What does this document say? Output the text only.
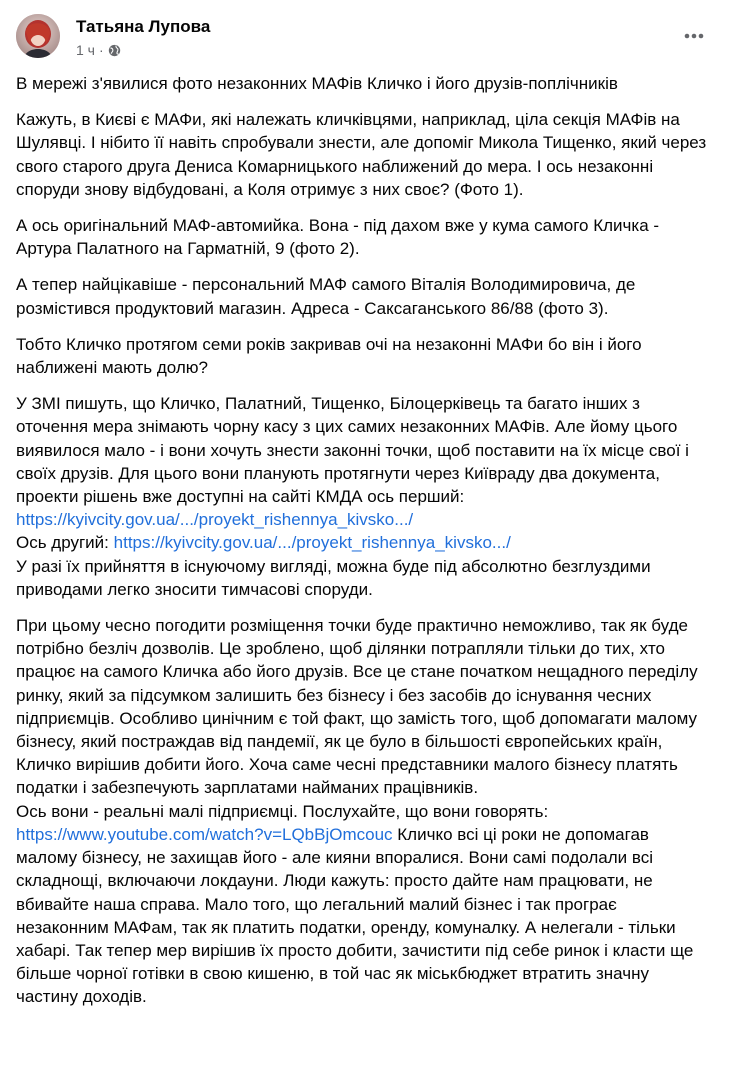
Татьяна Лупова
1 ч ·

В мережі з'явилися фото незаконних МАФів Кличко і його друзів-поплічників

Кажуть, в Києві є МАФи, які належать кличківцями, наприклад, ціла секція МАФів на Шулявці. І нібито її навіть спробували знести, але допоміг Микола Тищенко, який через свого старого друга Дениса Комарницького наближений до мера. І ось незаконні споруди знову відбудовані, а Коля отримує з них своє? (Фото 1).

А ось оригінальний МАФ-автомийка. Вона - під дахом вже у кума самого Кличка - Артура Палатного на Гарматній, 9 (фото 2).

А тепер найцікавіше - персональний МАФ самого Віталія Володимировича, де розмістився продуктовий магазин. Адреса - Саксаганського 86/88 (фото 3).

Тобто Кличко протягом семи років закривав очі на незаконні МАФи бо він і його наближені мають долю?

У ЗМІ пишуть, що Кличко, Палатний, Тищенко, Білоцерківець та багато інших з оточення мера знімають чорну касу з цих самих незаконних МАФів. Але йому цього виявилося мало - і вони хочуть знести законні точки, щоб поставити на їх місце свої і своїх друзів. Для цього вони планують протягнути через Київраду два документа, проекти рішень вже доступні на сайті КМДА ось перший: https://kyivcity.gov.ua/.../proyekt_rishennya_kivsko.../
Ось другий: https://kyivcity.gov.ua/.../proyekt_rishennya_kivsko.../
У разі їх прийняття в існуючому вигляді, можна буде під абсолютно безглуздими приводами легко зносити тимчасові споруди.

При цьому чесно погодити розміщення точки буде практично неможливо, так як буде потрібно безліч дозволів. Це зроблено, щоб ділянки потрапляли тільки до тих, хто працює на самого Кличка або його друзів. Все це стане початком нещадного переділу ринку, який за підсумком залишить без бізнесу і без засобів до існування чесних підприємців. Особливо цинічним є той факт, що замість того, щоб допомагати малому бізнесу, який постраждав від пандемії, як це було в більшості європейських країн, Кличко вирішив добити його. Хоча саме чесні представники малого бізнесу платять податки і забезпечують зарплатами найманих працівників.

Ось вони - реальні малі підприємці. Послухайте, що вони говорять:
https://www.youtube.com/watch?v=LQbBjOmcouc Кличко всі ці роки не допомагав малому бізнесу, не захищав його - але кияни впоралися. Вони самі подолали всі складнощі, включаючи локдауни. Люди кажуть: просто дайте нам працювати, не вбивайте наша справа. Мало того, що легальний малий бізнес і так програє незаконним МАФам, так як платить податки, оренду, комуналку. А нелегали - тільки хабарі. Так тепер мер вирішив їх просто добити, зачистити під себе ринок і класти ще більше чорної готівки в свою кишеню, в той час як міськбюджет втратить значну частину доходів.
